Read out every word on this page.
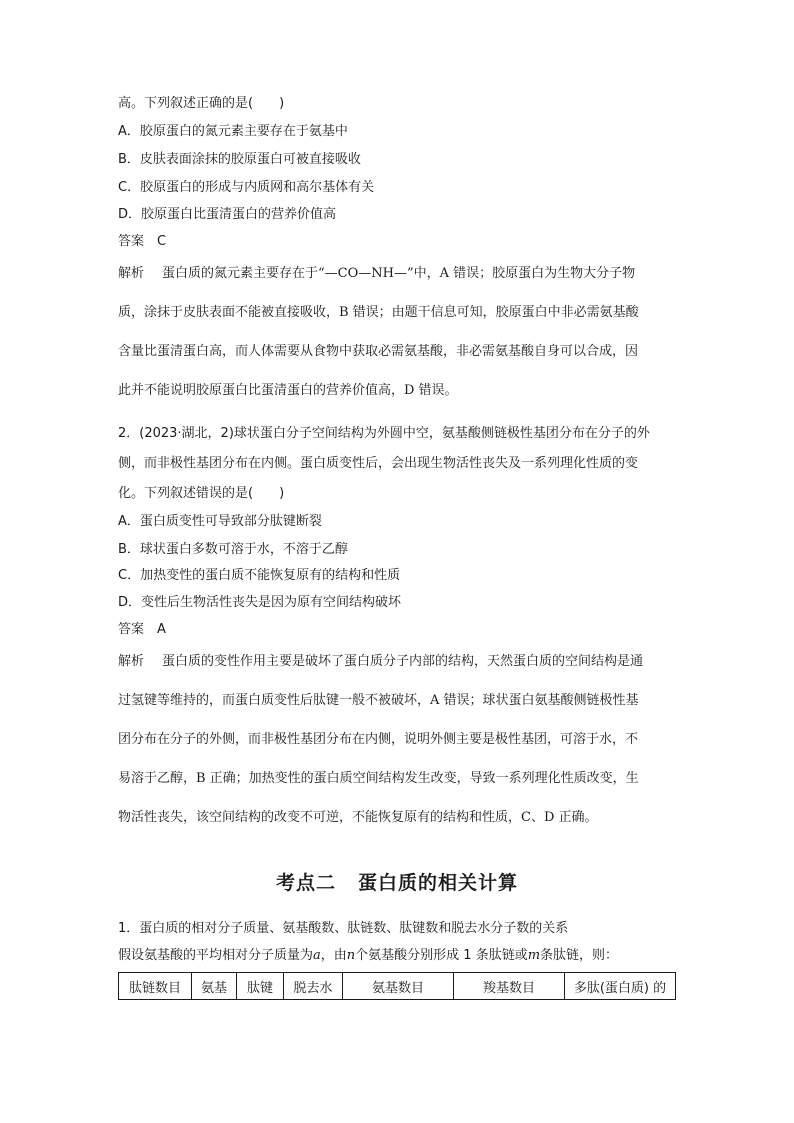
高。下列叙述正确的是(　　)
A．胶原蛋白的氮元素主要存在于氨基中
B．皮肤表面涂抹的胶原蛋白可被直接吸收
C．胶原蛋白的形成与内质网和高尔基体有关
D．胶原蛋白比蛋清蛋白的营养价值高
答案　C
解析 蛋白质的氮元素主要存在于“—CO—NH—”中，A 错误；胶原蛋白为生物大分子物
质，涂抹于皮肤表面不能被直接吸收，B 错误；由题干信息可知，胶原蛋白中非必需氨基酸
含量比蛋清蛋白高，而人体需要从食物中获取必需氨基酸，非必需氨基酸自身可以合成，因
此并不能说明胶原蛋白比蛋清蛋白的营养价值高，D 错误。
2．(2023·湖北，2)球状蛋白分子空间结构为外圆中空，氨基酸侧链极性基团分布在分子的外
侧，而非极性基团分布在内侧。蛋白质变性后，会出现生物活性丧失及一系列理化性质的变
化。下列叙述错误的是(　　)
A．蛋白质变性可导致部分肽键断裂
B．球状蛋白多数可溶于水，不溶于乙醇
C．加热变性的蛋白质不能恢复原有的结构和性质
D．变性后生物活性丧失是因为原有空间结构破坏
答案　A
解析 蛋白质的变性作用主要是破坏了蛋白质分子内部的结构，天然蛋白质的空间结构是通
过氢键等维持的，而蛋白质变性后肽键一般不被破坏，A 错误；球状蛋白氨基酸侧链极性基
团分布在分子的外侧，而非极性基团分布在内侧，说明外侧主要是极性基团，可溶于水，不
易溶于乙醇，B 正确；加热变性的蛋白质空间结构发生改变，导致一系列理化性质改变，生
物活性丧失，该空间结构的改变不可逆，不能恢复原有的结构和性质，C、D 正确。
考点二 蛋白质的相关计算
1．蛋白质的相对分子质量、氨基酸数、肽链数、肽键数和脱去水分子数的关系
假设氨基酸的平均相对分子质量为a，由n个氨基酸分别形成 1 条肽链或m条肽链，则：
肽链数目	氨基	肽键	脱去水	氨基数目	羧基数目	多肽(蛋白质) 的
